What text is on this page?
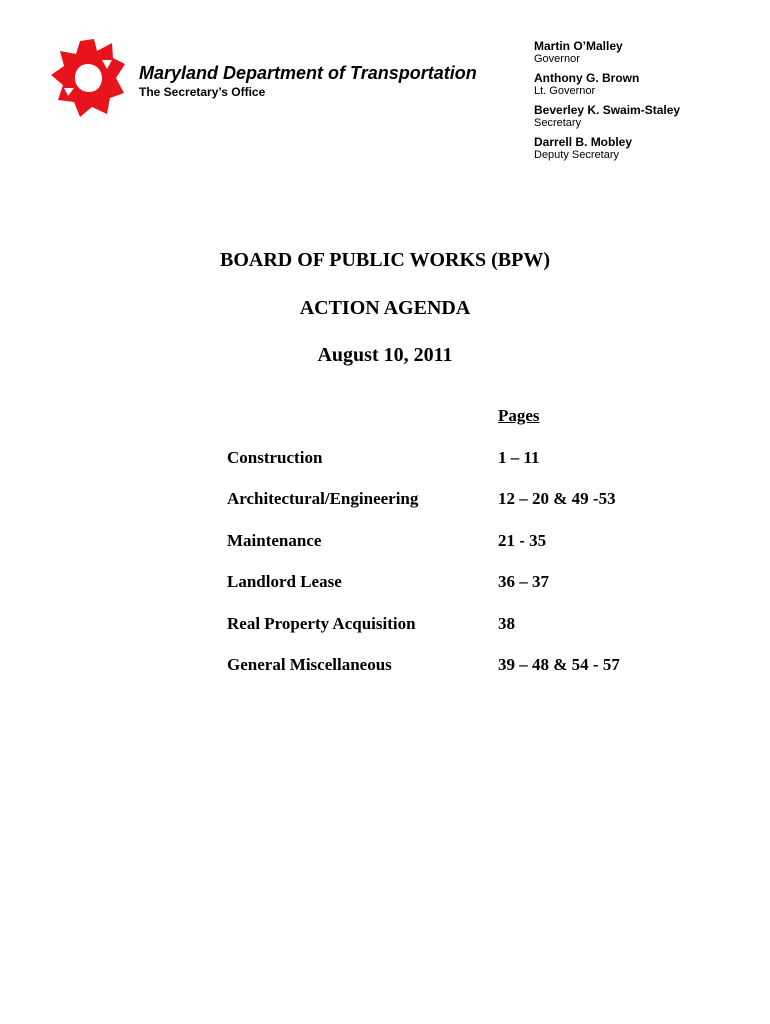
Maryland Department of Transportation
The Secretary’s Office
Martin O’Malley
Governor
Anthony G. Brown
Lt. Governor
Beverley K. Swaim-Staley
Secretary
Darrell B. Mobley
Deputy Secretary
BOARD OF PUBLIC WORKS (BPW)
ACTION AGENDA
August 10, 2011
Pages
Construction	1 – 11
Architectural/Engineering	12 – 20 & 49 -53
Maintenance	21 - 35
Landlord Lease	36 – 37
Real Property Acquisition	38
General Miscellaneous	39 – 48 & 54 - 57
